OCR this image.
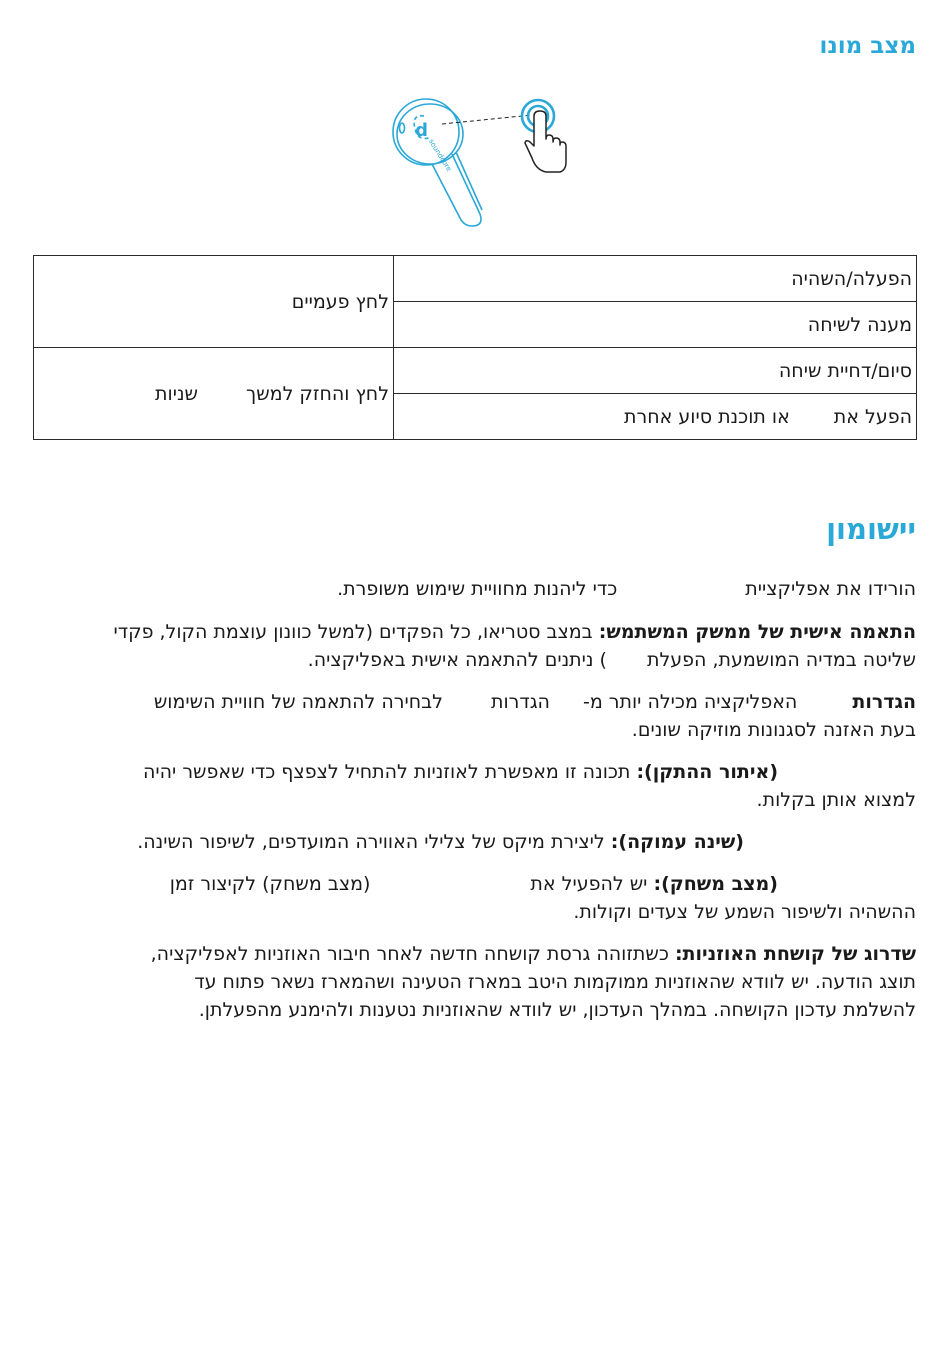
מצב מונו
d
soundcore
הפעלה/השהיה	לחץ פעמיים
מענה לשיחה	
סיום/דחיית שיחה	לחץ והחזק למשךשניות
הפעל אתאו תוכנת סיוע אחרת	
יישומון

הורידו את אפליקצייתכדי ליהנות מחוויית שימוש משופרת.

התאמה אישית של ממשק המשתמש: במצב סטריאו, כל הפקדים (למשל כוונון עוצמת הקול, פקדי
שליטה במדיה המושמעת, הפעלת) ניתנים להתאמה אישית באפליקציה.

הגדרותהאפליקציה מכילה יותר מ-הגדרותלבחירה להתאמה של חוויית השימוש
בעת האזנה לסגנונות מוזיקה שונים.

(איתור ההתקן): תכונה זו מאפשרת לאוזניות להתחיל לצפצף כדי שאפשר יהיה
למצוא אותן בקלות.

(שינה עמוקה): ליצירת מיקס של צלילי האווירה המועדפים, לשיפור השינה.

(מצב משחק): יש להפעיל את(מצב משחק) לקיצור זמן
ההשהיה ולשיפור השמע של צעדים וקולות.

שדרוג של קושחת האוזניות: כשתזוהה גרסת קושחה חדשה לאחר חיבור האוזניות לאפליקציה,
תוצג הודעה. יש לוודא שהאוזניות ממוקמות היטב במארז הטעינה ושהמארז נשאר פתוח עד
להשלמת עדכון הקושחה. במהלך העדכון, יש לוודא שהאוזניות נטענות ולהימנע מהפעלתן.
